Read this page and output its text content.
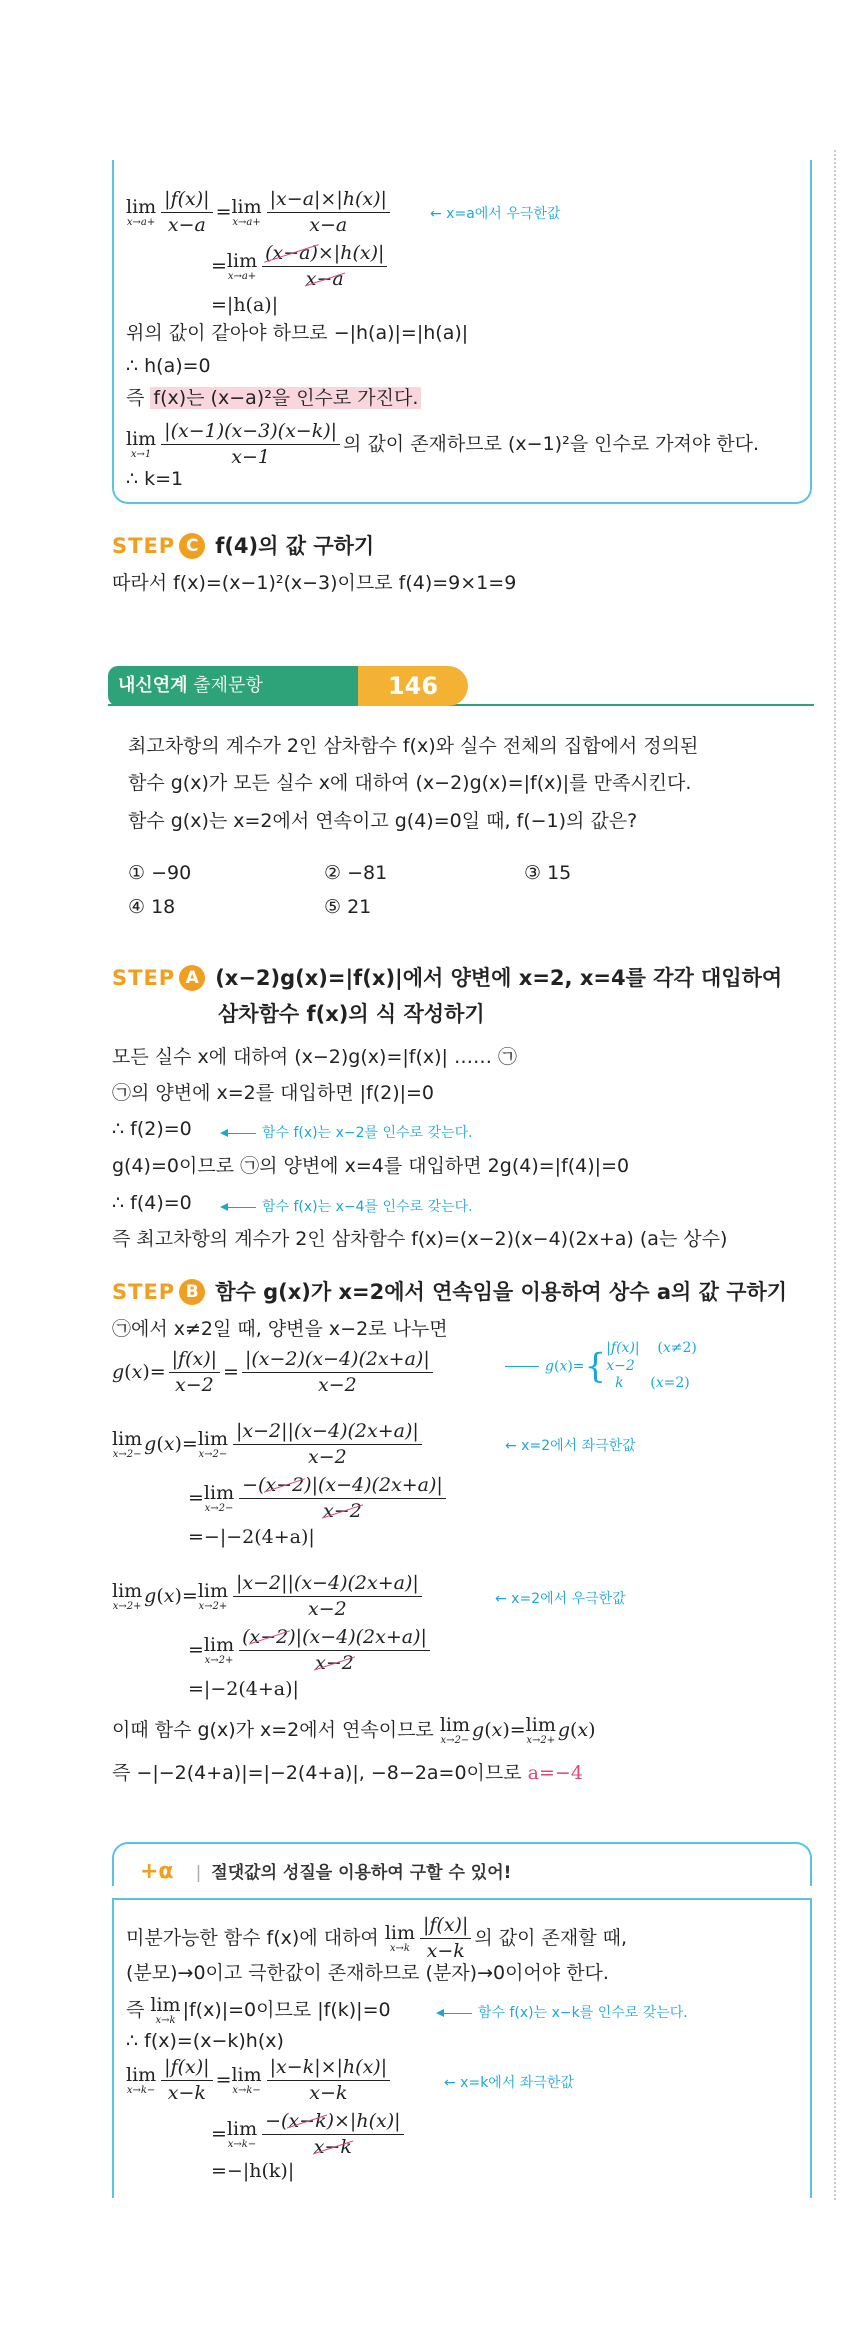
lim
$x\to a+ \frac{|f(x)|}{x-a} = \lim$
$x\to a+ \frac{|x-a|\times|h(x)|}{x-a}$	← x=a에서 우극한값
= lim
$x\to a+ \frac{(x-a)\times|h(x)|}{x-a}$
=|h(a)|
위의 값이 같아야 하므로 −|h(a)|=|h(a)|
∴ h(a)=0
즉 f(x)는 (x−a)²을 인수로 가진다.
lim
$x\to 1 \frac{|(x-1)(x-3)(x-k)|}{x-1}$ 의 값이 존재하므로 (x−1)²을 인수로 가져야 한다.
∴ k=1
STEP C f(4)의 값 구하기
따라서 f(x)=(x−1)²(x−3)이므로 f(4)=9×1=9
내신연계 출제문항	146
최고차항의 계수가 2인 삼차함수 f(x)와 실수 전체의 집합에서 정의된
함수 g(x)가 모든 실수 x에 대하여 (x−2)g(x)=|f(x)|를 만족시킨다.
함수 g(x)는 x=2에서 연속이고 g(4)=0일 때, f(−1)의 값은?
① −90	② −81	③ 15
④ 18	⑤ 21
STEP A (x−2)g(x)=|f(x)|에서 양변에 x=2, x=4를 각각 대입하여
삼차함수 f(x)의 식 작성하기
모든 실수 x에 대하여 (x−2)g(x)=|f(x)| …… ㉠
㉠의 양변에 x=2를 대입하면 |f(2)|=0
∴ f(2)=0	함수 f(x)는 x−2를 인수로 갖는다.
g(4)=0이므로 ㉠의 양변에 x=4를 대입하면 2g(4)=|f(4)|=0
∴ f(4)=0	함수 f(x)는 x−4를 인수로 갖는다.
즉 최고차항의 계수가 2인 삼차함수 f(x)=(x−2)(x−4)(2x+a) (a는 상수)
STEP B 함수 g(x)가 x=2에서 연속임을 이용하여 상수 a의 값 구하기
㉠에서 x≠2일 때, 양변을 x−2로 나누면
$g(x)= \frac{|f(x)|}{x-2} = \frac{|(x-2)(x-4)(2x+a)|}{x-2}$	g(x)={|f(x)|    (x≠2)
x−2
k      (x=2)
lim
x→2− g(x)= lim
$x\to 2- \frac{|x-2||(x-4)(2x+a)|}{x-2}$	← x=2에서 좌극한값
= lim
$x\to 2- \frac{-(x-2)|(x-4)(2x+a)|}{x-2}$
=−|−2(4+a)|
lim
x→2+ g(x)= lim
$x\to 2+ \frac{|x-2||(x-4)(2x+a)|}{x-2}$	← x=2에서 우극한값
= lim
$x\to 2+ \frac{(x-2)|(x-4)(2x+a)|}{x-2}$
=|−2(4+a)|
이때 함수 g(x)가 x=2에서 연속이므로 lim
x→2− g(x)= lim
x→2+ g(x)
즉 −|−2(4+a)|=|−2(4+a)|, −8−2a=0이므로 a=−4
+α | 절댓값의 성질을 이용하여 구할 수 있어!
미분가능한 함수 f(x)에 대하여 lim
$x\to k \frac{|f(x)|}{x-k}$ 의 값이 존재할 때,
(분모)→0이고 극한값이 존재하므로 (분자)→0이어야 한다.
즉 lim
x→k |f(x)|=0이므로 |f(k)|=0	함수 f(x)는 x−k를 인수로 갖는다.
∴ f(x)=(x−k)h(x)
lim
$x\to k- \frac{|f(x)|}{x-k} = \lim$
$x\to k- \frac{|x-k|\times|h(x)|}{x-k}$	← x=k에서 좌극한값
= lim
$x\to k- \frac{-(x-k)\times|h(x)|}{x-k}$
=−|h(k)|
